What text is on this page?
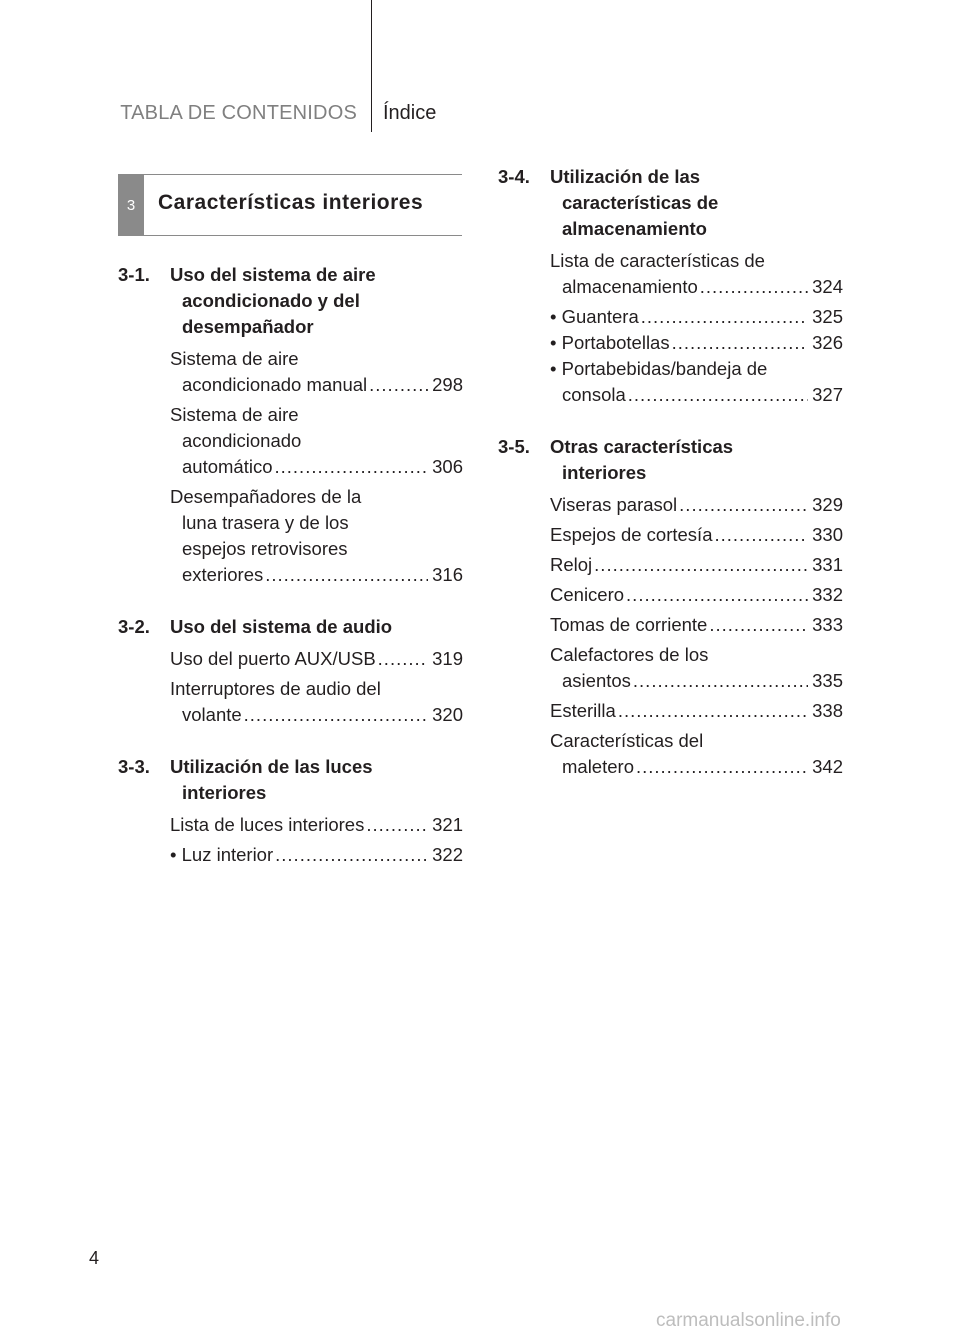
TABLA DE CONTENIDOS Índice
3	Características interiores
3-1.	Uso del sistema de aire
acondicionado y del
desempañador
Sistema de aire
acondicionado manual .....	298
Sistema de aire
acondicionado
automático .....	306
Desempañadores de la
luna trasera y de los
espejos retrovisores
exteriores .....	316
3-2.	Uso del sistema de audio
Uso del puerto AUX/USB .....	319
Interruptores de audio del
volante .....	320
3-3.	Utilización de las luces
interiores
Lista de luces interiores .....	321
• Luz interior .....	322
3-4.	Utilización de las
características de
almacenamiento
Lista de características de
almacenamiento .....	324
• Guantera .....	325
• Portabotellas .....	326
• Portabebidas/bandeja de
consola .....	327
3-5.	Otras características
interiores
Viseras parasol .....	329
Espejos de cortesía .....	330
Reloj .....	331
Cenicero .....	332
Tomas de corriente .....	333
Calefactores de los
asientos .....	335
Esterilla .....	338
Características del
maletero .....	342
4
carmanualsonline.info
